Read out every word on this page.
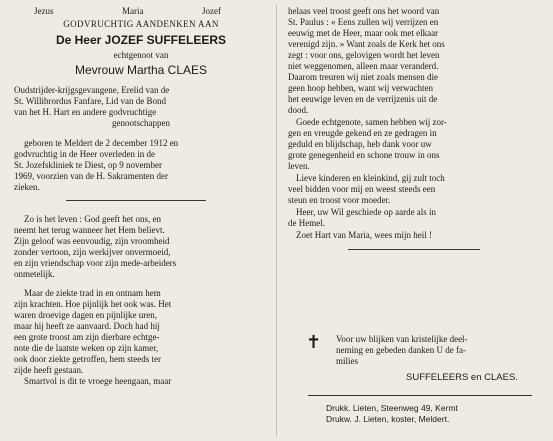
Jezus	Maria	Jozef
GODVRUCHTIG AANDENKEN AAN
De Heer JOZEF SUFFELEERS
echtgenoot van
Mevrouw Martha CLAES
Oudstrijder-krijgsgevangene, Erelid van de
St. Willibrordus Fanfare, Lid van de Bond
van het H. Hart en andere godvruchtige
genootschappen
geboren te Meldert de 2 december 1912 en
godvruchtig in de Heer overleden in de
St. Jozefskliniek te Diest, op 9 november
1969, voorzien van de H. Sakramenten der
zieken.
Zo is het leven : God geeft het ons, en
neemt het terug wanneer het Hem believt.
Zijn geloof was eenvoudig, zijn vroomheid
zonder vertoon, zijn werkijver onvermoeid,
en zijn vriendschap voor zijn mede-arbeiders
onmetelijk.
Maar de ziekte trad in en ontnam hem
zijn krachten. Hoe pijnlijk het ook was. Het
waren droevige dagen en pijnlijke uren,
maar hij heeft ze aanvaard. Doch had hij
een grote troost am zijn dierbare echtge-
note die de laatste weken op zijn kamer,
ook door ziekte getroffen, hem steeds ter
zijde heeft gestaan.
Smartvol is dit te vroege heengaan, maar
helaas veel troost geeft ons het woord van
St. Paulus : « Eens zullen wij verrijzen en
eeuwig met de Heer, maar ook met elkaar
verenigd zijn. » Want zoals de Kerk het ons
zegt : voor ons, gelovigen wordt het leven
niet weggenomen, alleen maar veranderd.
Daarom treuren wij niet zoals mensen die
geen hoop hebben, want wij verwachten
het eeuwige leven en de verrijzenis uit de
dood.
Goede echtgenote, samen hebben wij zor-
gen en vreugde gekend en ze gedragen in
geduld en blijdschap, heb dank voor uw
grote genegenheid en schone trouw in ons
leven.
Lieve kinderen en kleinkind, gij zult toch
veel bidden voor mij en weest steeds een
steun en troost voor moeder.
Heer, uw Wil geschiede op aarde als in
de Hemel.
Zoet Hart van Maria, wees mijn heil !
✝ Voor uw blijken van kristelijke deel-
neming en gebeden danken U de fa-
milies
SUFFELEERS en CLAES.
Drukk. Lieten, Steenweg 49, Kermt
Drukw. J. Lieten, koster, Meldert.
